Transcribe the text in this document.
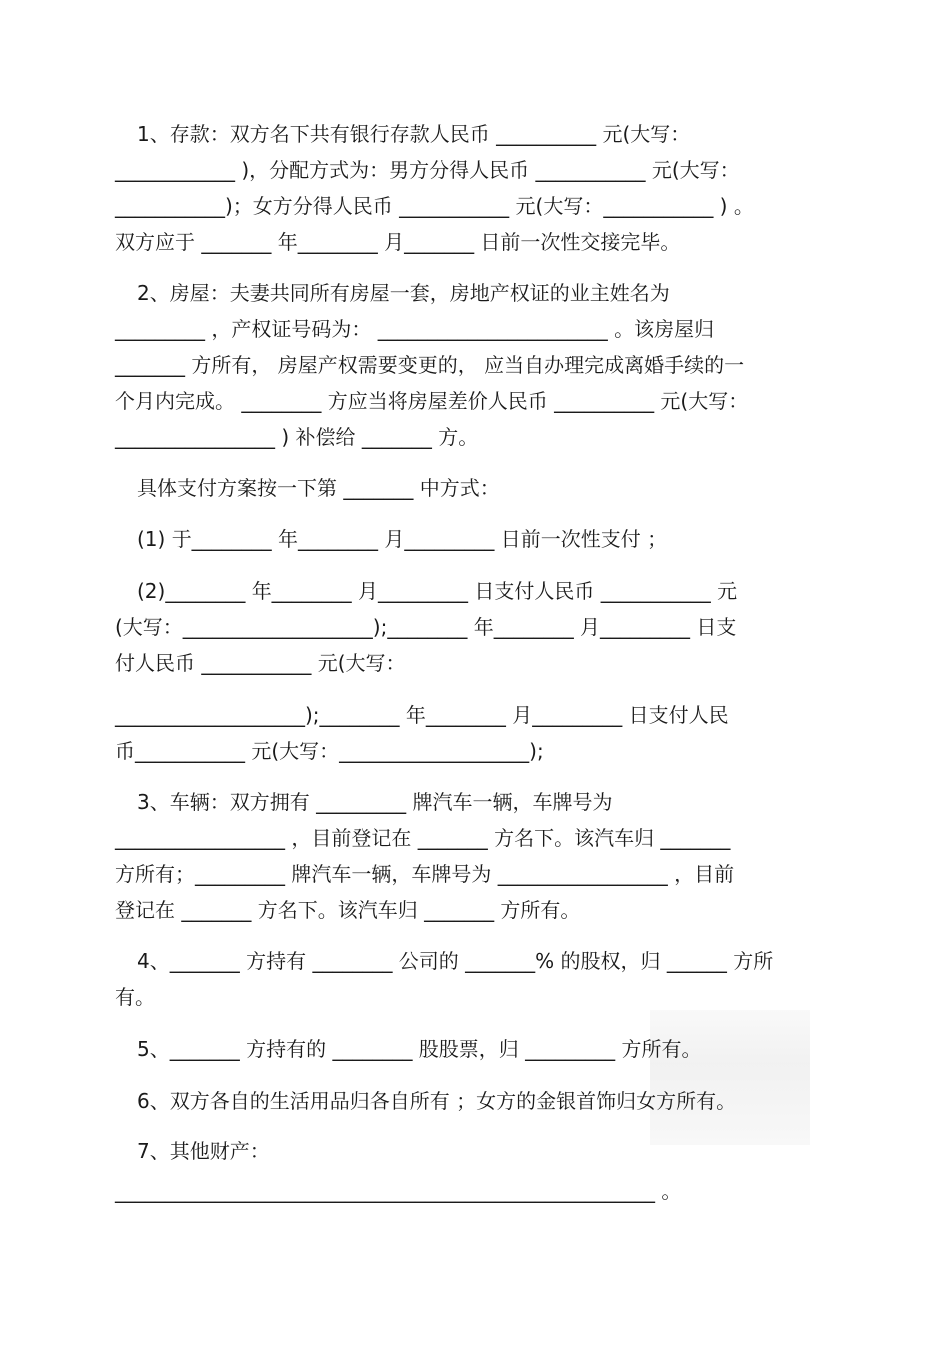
1、存款：双方名下共有银行存款人民币 __________ 元(大写：
____________ )，分配方式为：男方分得人民币 ___________ 元(大写：
___________)；女方分得人民币 ___________ 元(大写：___________ ) 。
双方应于 _______ 年________ 月_______ 日前一次性交接完毕。
2、房屋：夫妻共同所有房屋一套，房地产权证的业主姓名为
_________ ，产权证号码为： _______________________ 。该房屋归
_______ 方所有， 房屋产权需要变更的， 应当自办理完成离婚手续的一
个月内完成。 ________ 方应当将房屋差价人民币 __________ 元(大写：
________________ ) 补偿给 _______ 方。
具体支付方案按一下第 _______ 中方式：
(1) 于________ 年________ 月_________ 日前一次性支付 ；
(2)________ 年________ 月_________ 日支付人民币 ___________ 元
(大写：___________________);________ 年________ 月_________ 日支
付人民币 ___________ 元(大写：
___________________);________ 年________ 月_________ 日支付人民
币___________ 元(大写：___________________);
3、车辆：双方拥有 _________ 牌汽车一辆，车牌号为
_________________ ，目前登记在 _______ 方名下。该汽车归 _______
方所有；_________ 牌汽车一辆，车牌号为 _________________ ，目前
登记在 _______ 方名下。该汽车归 _______ 方所有。
4、_______ 方持有 ________ 公司的 _______% 的股权，归 ______ 方所
有。
5、_______ 方持有的 ________ 股股票，归 _________ 方所有。
6、双方各自的生活用品归各自所有 ；女方的金银首饰归女方所有。
7、其他财产：
______________________________________________________ 。
